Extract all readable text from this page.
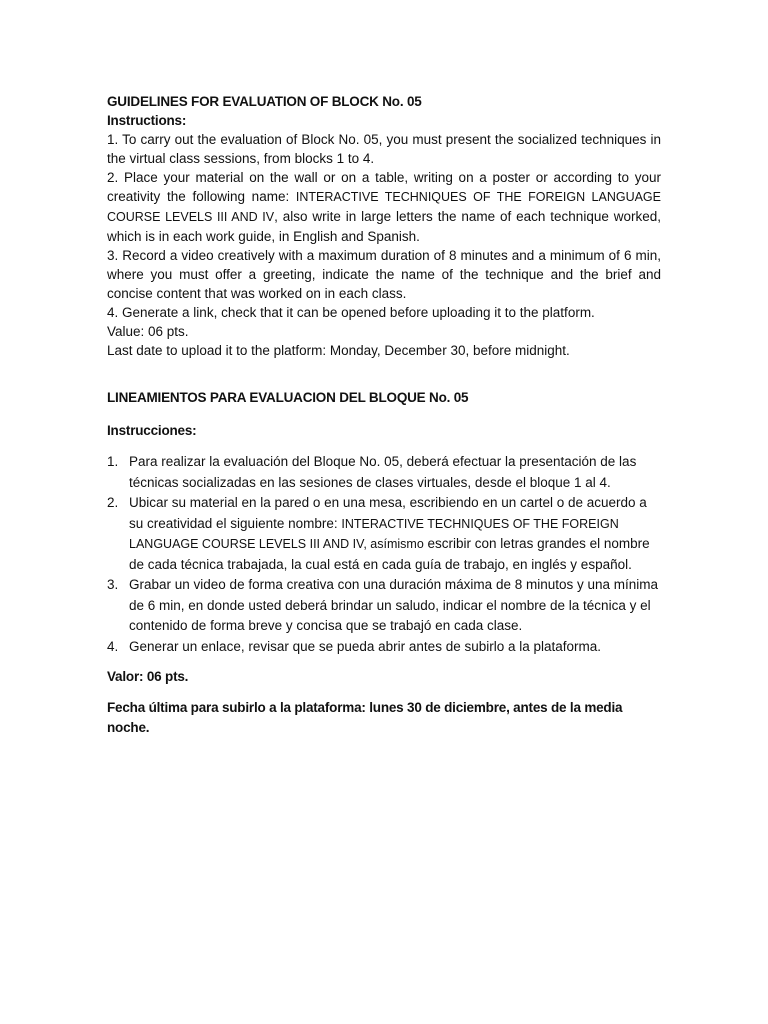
GUIDELINES FOR EVALUATION OF BLOCK No. 05
Instructions:

1. To carry out the evaluation of Block No. 05, you must present the socialized techniques in the virtual class sessions, from blocks 1 to 4.

2. Place your material on the wall or on a table, writing on a poster or according to your creativity the following name: INTERACTIVE TECHNIQUES OF THE FOREIGN LANGUAGE COURSE LEVELS III AND IV, also write in large letters the name of each technique worked, which is in each work guide, in English and Spanish.

3. Record a video creatively with a maximum duration of 8 minutes and a minimum of 6 min, where you must offer a greeting, indicate the name of the technique and the brief and concise content that was worked on in each class.

4. Generate a link, check that it can be opened before uploading it to the platform.

Value: 06 pts.
Last date to upload it to the platform: Monday, December 30, before midnight.
LINEAMIENTOS PARA EVALUACION DEL BLOQUE No. 05
Instrucciones:
1. Para realizar la evaluación del Bloque No. 05, deberá efectuar la presentación de las técnicas socializadas en las sesiones de clases virtuales, desde el bloque 1 al 4.
2. Ubicar su material en la pared o en una mesa, escribiendo en un cartel o de acuerdo a su creatividad el siguiente nombre: INTERACTIVE TECHNIQUES OF THE FOREIGN LANGUAGE COURSE LEVELS III AND IV, asímismo escribir con letras grandes el nombre de cada técnica trabajada, la cual está en cada guía de trabajo, en inglés y español.
3. Grabar un video de forma creativa con una duración máxima de 8 minutos y una mínima de 6 min, en donde usted deberá brindar un saludo, indicar el nombre de la técnica y el contenido de forma breve y concisa que se trabajó en cada clase.
4. Generar un enlace, revisar que se pueda abrir antes de subirlo a la plataforma.
Valor: 06 pts.
Fecha última para subirlo a la plataforma: lunes 30 de diciembre, antes de la media noche.
